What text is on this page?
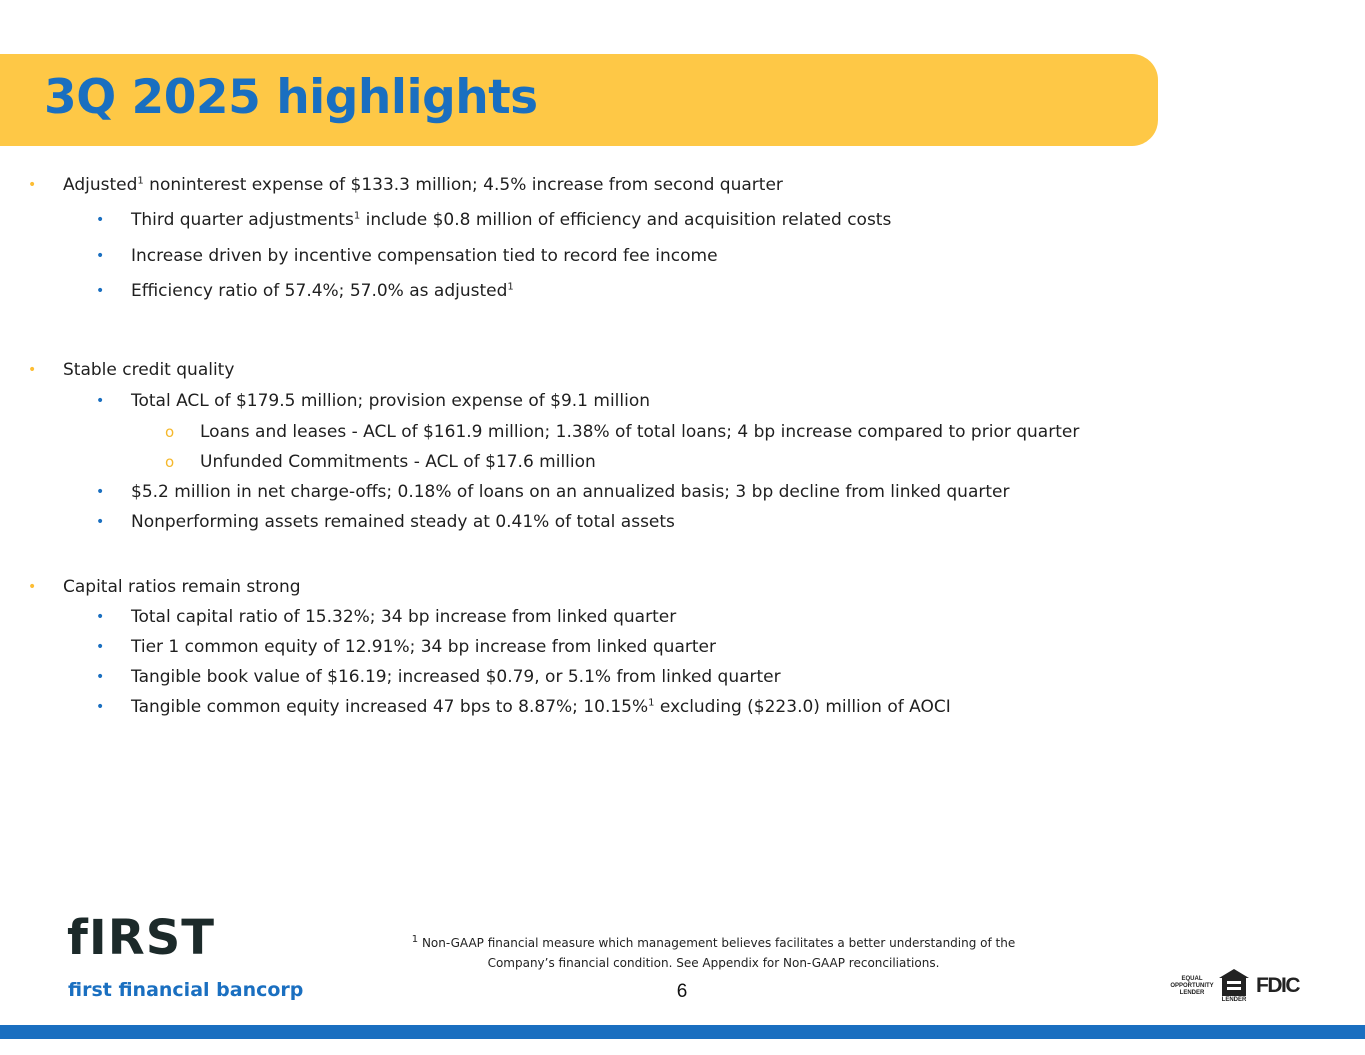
3Q 2025 highlights
• Adjusted$^1$ noninterest expense of $133.3 million; 4.5% increase from second quarter
• Third quarter adjustments$^1$ include $0.8 million of efficiency and acquisition related costs
• Increase driven by incentive compensation tied to record fee income
• Efficiency ratio of 57.4%; 57.0% as adjusted$^1$
• Stable credit quality
• Total ACL of $179.5 million; provision expense of $9.1 million
o Loans and leases - ACL of $161.9 million; 1.38% of total loans; 4 bp increase compared to prior quarter
o Unfunded Commitments - ACL of $17.6 million
• $5.2 million in net charge-offs; 0.18% of loans on an annualized basis; 3 bp decline from linked quarter
• Nonperforming assets remained steady at 0.41% of total assets
• Capital ratios remain strong
• Total capital ratio of 15.32%; 34 bp increase from linked quarter
• Tier 1 common equity of 12.91%; 34 bp increase from linked quarter
• Tangible book value of $16.19; increased $0.79, or 5.1% from linked quarter
• Tangible common equity increased 47 bps to 8.87%; 10.15%$^1$ excluding ($223.0) million of AOCI
fIRST
first financial bancorp
$^1$ Non-GAAP financial measure which management believes facilitates a better understanding of the
Company’s financial condition. See Appendix for Non-GAAP reconciliations.
6
EQUAL
OPPORTUNITY
LENDER
LENDER
FDIC
